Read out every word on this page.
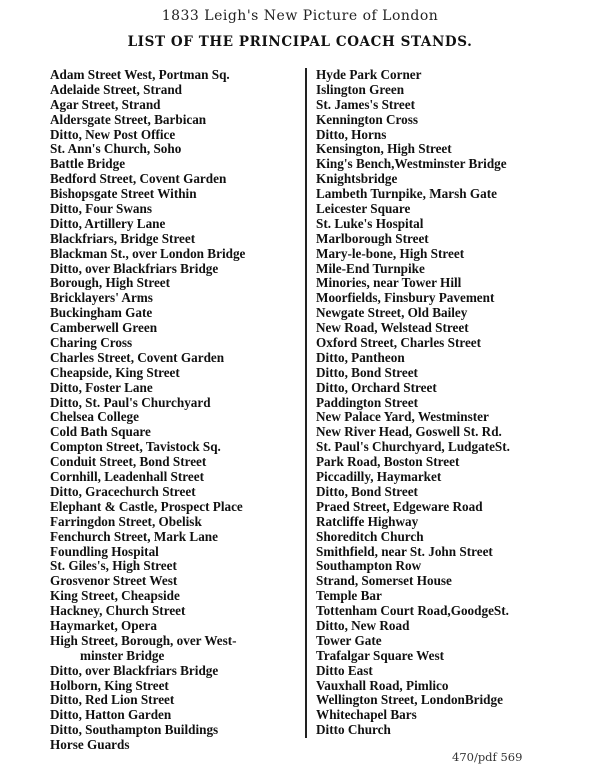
1833 Leigh's New Picture of London
LIST OF THE PRINCIPAL COACH STANDS.
Adam Street West, Portman Sq.
Adelaide Street, Strand
Agar Street, Strand
Aldersgate Street, Barbican
Ditto, New Post Office
St. Ann's Church, Soho
Battle Bridge
Bedford Street, Covent Garden
Bishopsgate Street Within
Ditto, Four Swans
Ditto, Artillery Lane
Blackfriars, Bridge Street
Blackman St., over London Bridge
Ditto, over Blackfriars Bridge
Borough, High Street
Bricklayers' Arms
Buckingham Gate
Camberwell Green
Charing Cross
Charles Street, Covent Garden
Cheapside, King Street
Ditto, Foster Lane
Ditto, St. Paul's Churchyard
Chelsea College
Cold Bath Square
Compton Street, Tavistock Sq.
Conduit Street, Bond Street
Cornhill, Leadenhall Street
Ditto, Gracechurch Street
Elephant & Castle, Prospect Place
Farringdon Street, Obelisk
Fenchurch Street, Mark Lane
Foundling Hospital
St. Giles's, High Street
Grosvenor Street West
King Street, Cheapside
Hackney, Church Street
Haymarket, Opera
High Street, Borough, over West-
minster Bridge
Ditto, over Blackfriars Bridge
Holborn, King Street
Ditto, Red Lion Street
Ditto, Hatton Garden
Ditto, Southampton Buildings
Horse Guards
Hyde Park Corner
Islington Green
St. James's Street
Kennington Cross
Ditto, Horns
Kensington, High Street
King's Bench,Westminster Bridge
Knightsbridge
Lambeth Turnpike, Marsh Gate
Leicester Square
St. Luke's Hospital
Marlborough Street
Mary-le-bone, High Street
Mile-End Turnpike
Minories, near Tower Hill
Moorfields, Finsbury Pavement
Newgate Street, Old Bailey
New Road, Welstead Street
Oxford Street, Charles Street
Ditto, Pantheon
Ditto, Bond Street
Ditto, Orchard Street
Paddington Street
New Palace Yard, Westminster
New River Head, Goswell St. Rd.
St. Paul's Churchyard, LudgateSt.
Park Road, Boston Street
Piccadilly, Haymarket
Ditto, Bond Street
Praed Street, Edgeware Road
Ratcliffe Highway
Shoreditch Church
Smithfield, near St. John Street
Southampton Row
Strand, Somerset House
Temple Bar
Tottenham Court Road,GoodgeSt.
Ditto, New Road
Tower Gate
Trafalgar Square West
Ditto East
Vauxhall Road, Pimlico
Wellington Street, LondonBridge
Whitechapel Bars
Ditto Church
470/pdf 569
